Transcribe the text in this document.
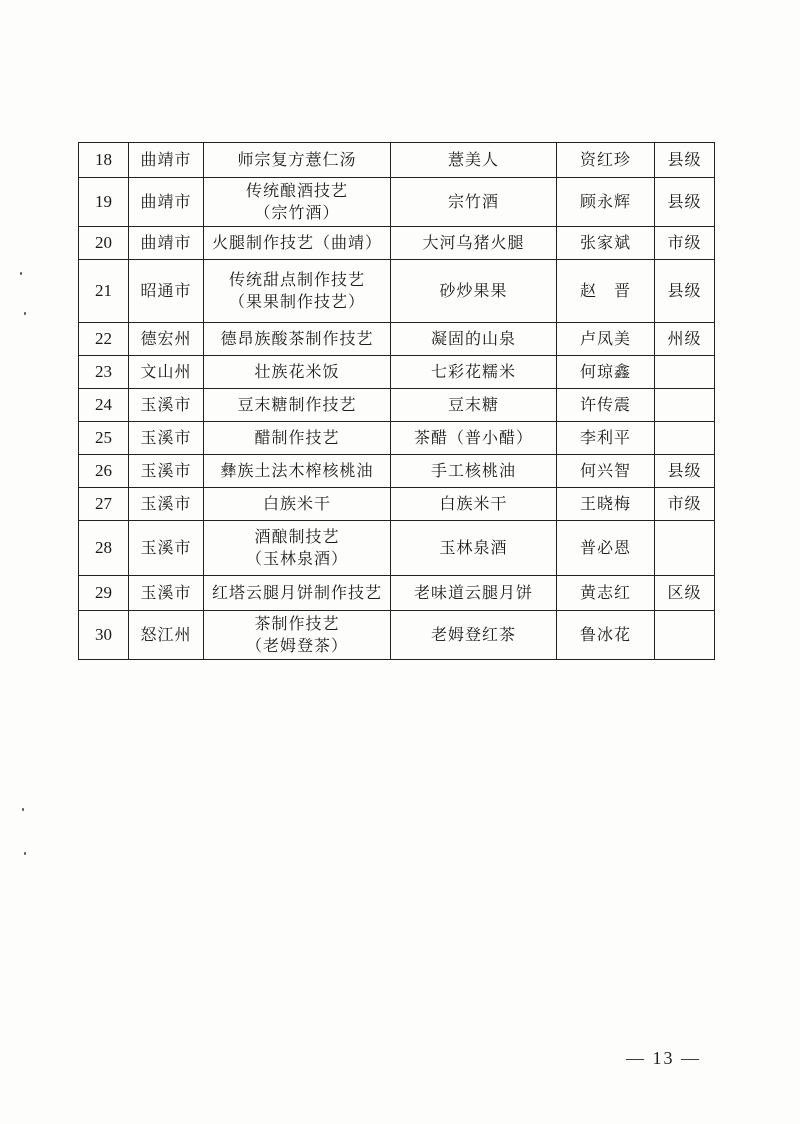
18	曲靖市	师宗复方薏仁汤	薏美人	资红珍	县级
19	曲靖市	传统酿酒技艺
（宗竹酒）	宗竹酒	顾永辉	县级
20	曲靖市	火腿制作技艺（曲靖）	大河乌猪火腿	张家斌	市级
21	昭通市	传统甜点制作技艺
（果果制作技艺）	砂炒果果	赵　晋	县级
22	德宏州	德昂族酸茶制作技艺	凝固的山泉	卢凤美	州级
23	文山州	壮族花米饭	七彩花糯米	何琼鑫	
24	玉溪市	豆末糖制作技艺	豆末糖	许传震	
25	玉溪市	醋制作技艺	茶醋（普小醋）	李利平	
26	玉溪市	彝族土法木榨核桃油	手工核桃油	何兴智	县级
27	玉溪市	白族米干	白族米干	王晓梅	市级
28	玉溪市	酒酿制技艺
（玉林泉酒）	玉林泉酒	普必恩	
29	玉溪市	红塔云腿月饼制作技艺	老味道云腿月饼	黄志红	区级
30	怒江州	茶制作技艺
（老姆登茶）	老姆登红茶	鲁冰花	
— 13 —
